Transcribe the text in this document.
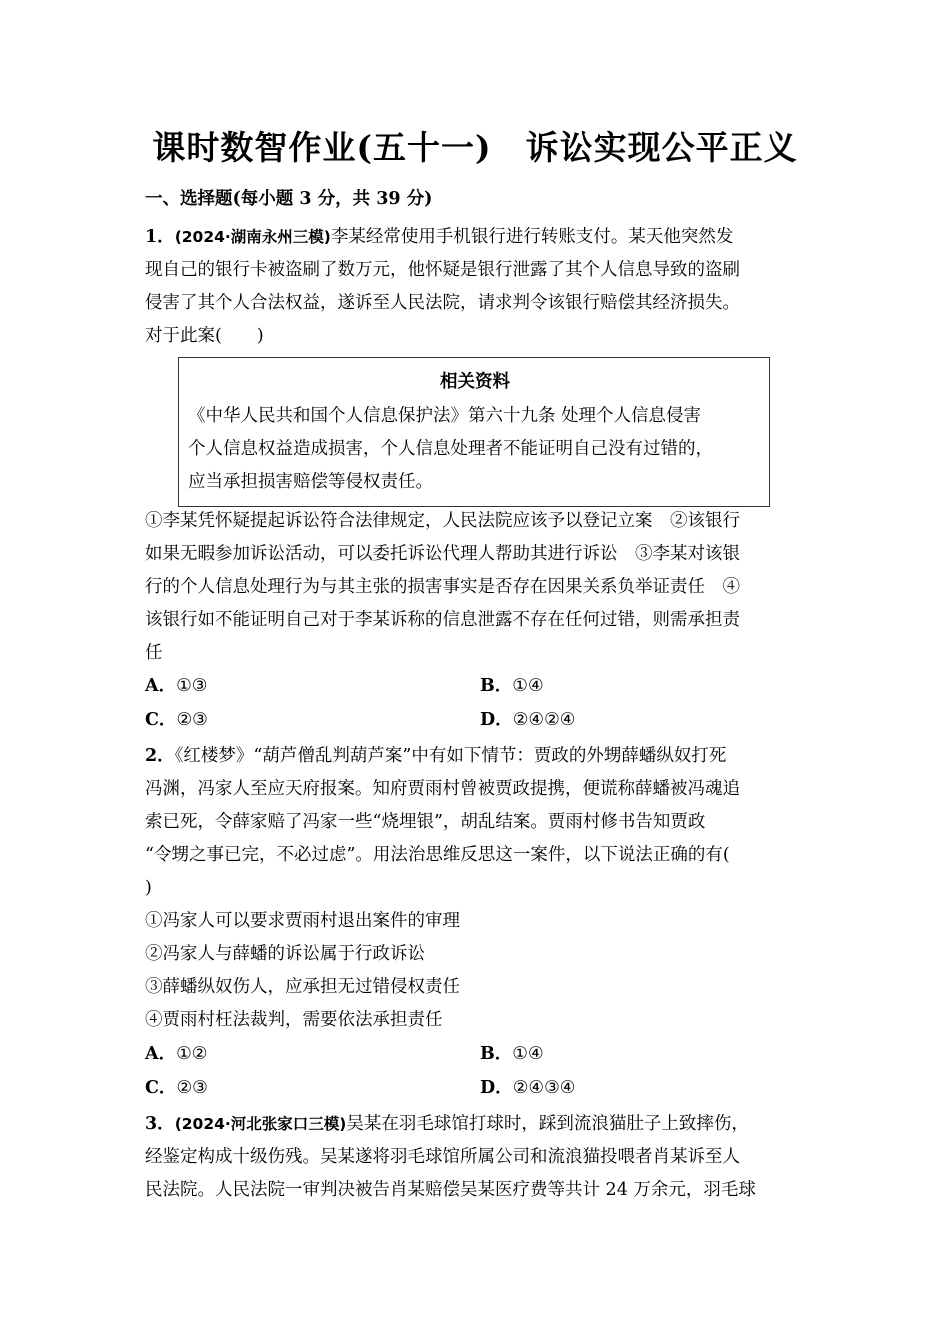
课时数智作业(五十一) 诉讼实现公平正义
一、选择题(每小题 3 分，共 39 分)
1．(2024·湖南永州三模)李某经常使用手机银行进行转账支付。某天他突然发
现自己的银行卡被盗刷了数万元，他怀疑是银行泄露了其个人信息导致的盗刷
侵害了其个人合法权益，遂诉至人民法院，请求判令该银行赔偿其经济损失。
对于此案(　　)
相关资料
《中华人民共和国个人信息保护法》第六十九条 处理个人信息侵害
个人信息权益造成损害，个人信息处理者不能证明自己没有过错的，
应当承担损害赔偿等侵权责任。
①李某凭怀疑提起诉讼符合法律规定，人民法院应该予以登记立案　②该银行
如果无暇参加诉讼活动，可以委托诉讼代理人帮助其进行诉讼　③李某对该银
行的个人信息处理行为与其主张的损害事实是否存在因果关系负举证责任　④
该银行如不能证明自己对于李某诉称的信息泄露不存在任何过错，则需承担责
任
A．①③	B．①④
C．②③	D．②④②④
2．《红楼梦》“葫芦僧乱判葫芦案”中有如下情节：贾政的外甥薛蟠纵奴打死
冯渊，冯家人至应天府报案。知府贾雨村曾被贾政提携，便谎称薛蟠被冯魂追
索已死，令薛家赔了冯家一些“烧埋银”，胡乱结案。贾雨村修书告知贾政
“令甥之事已完，不必过虑”。用法治思维反思这一案件，以下说法正确的有(
)
①冯家人可以要求贾雨村退出案件的审理
②冯家人与薛蟠的诉讼属于行政诉讼
③薛蟠纵奴伤人，应承担无过错侵权责任
④贾雨村枉法裁判，需要依法承担责任
A．①②	B．①④
C．②③	D．②④③④
3．(2024·河北张家口三模)吴某在羽毛球馆打球时，踩到流浪猫肚子上致摔伤，
经鉴定构成十级伤残。吴某遂将羽毛球馆所属公司和流浪猫投喂者肖某诉至人
民法院。人民法院一审判决被告肖某赔偿吴某医疗费等共计 24 万余元，羽毛球
